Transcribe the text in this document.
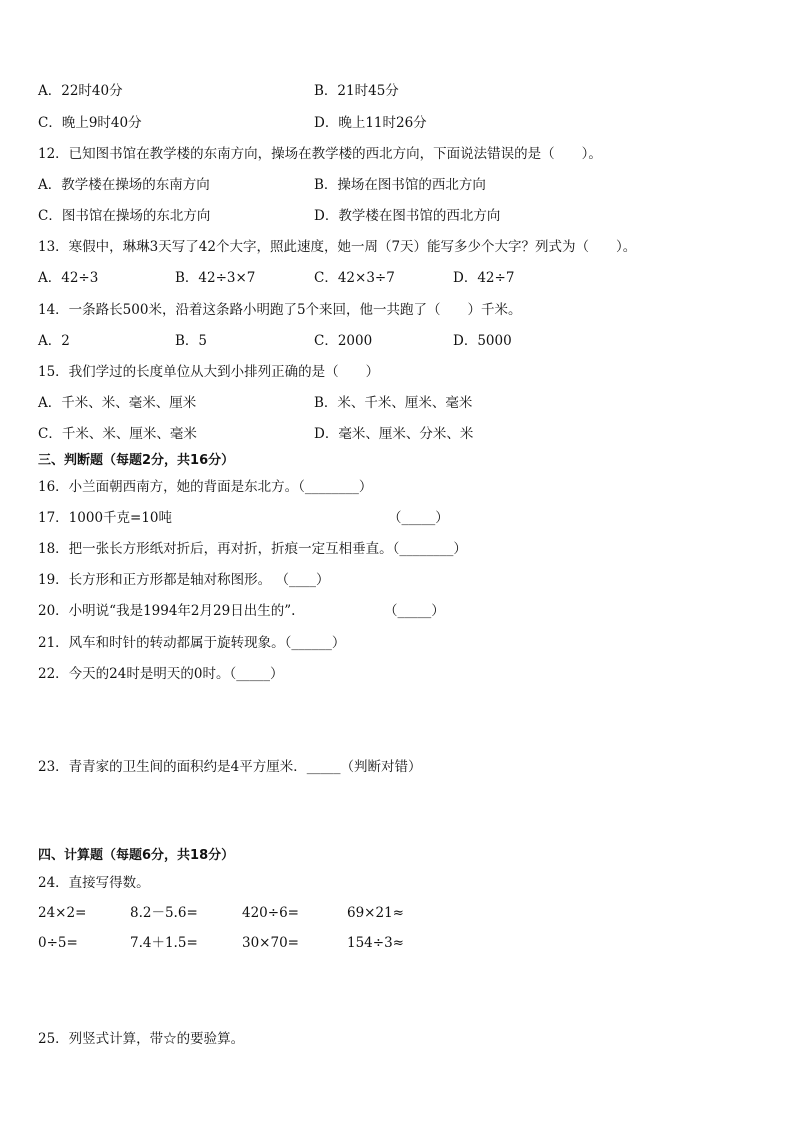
A．22时40分	B．21时45分
C．晚上9时40分	D．晚上11时26分
12．已知图书馆在教学楼的东南方向，操场在教学楼的西北方向，下面说法错误的是（　　）。
A．教学楼在操场的东南方向	B．操场在图书馆的西北方向
C．图书馆在操场的东北方向	D．教学楼在图书馆的西北方向
13．寒假中，琳琳3天写了42个大字，照此速度，她一周（7天）能写多少个大字？列式为（　　）。
A．42÷3	B．42÷3×7	C．42×3÷7	D．42÷7
14．一条路长500米，沿着这条路小明跑了5个来回，他一共跑了（　　）千米。
A．2	B．5	C．2000	D．5000
15．我们学过的长度单位从大到小排列正确的是（　　）
A．千米、米、毫米、厘米	B．米、千米、厘米、毫米
C．千米、米、厘米、毫米	D．毫米、厘米、分米、米
三、判断题（每题2分，共16分）
16．小兰面朝西南方，她的背面是东北方。（________）
17．1000千克=10吨	（_____）
18．把一张长方形纸对折后，再对折，折痕一定互相垂直。（________）
19．长方形和正方形都是轴对称图形。 （____）
20．小明说“我是1994年2月29日出生的”.	（_____）
21．风车和时针的转动都属于旋转现象。（______）
22．今天的24时是明天的0时。（_____）
23．青青家的卫生间的面积约是4平方厘米．_____（判断对错）
四、计算题（每题6分，共18分）
24．直接写得数。
24×2=	8.2－5.6=	420÷6=	69×21≈
0÷5=	7.4＋1.5=	30×70=	154÷3≈
25．列竖式计算，带☆的要验算。
